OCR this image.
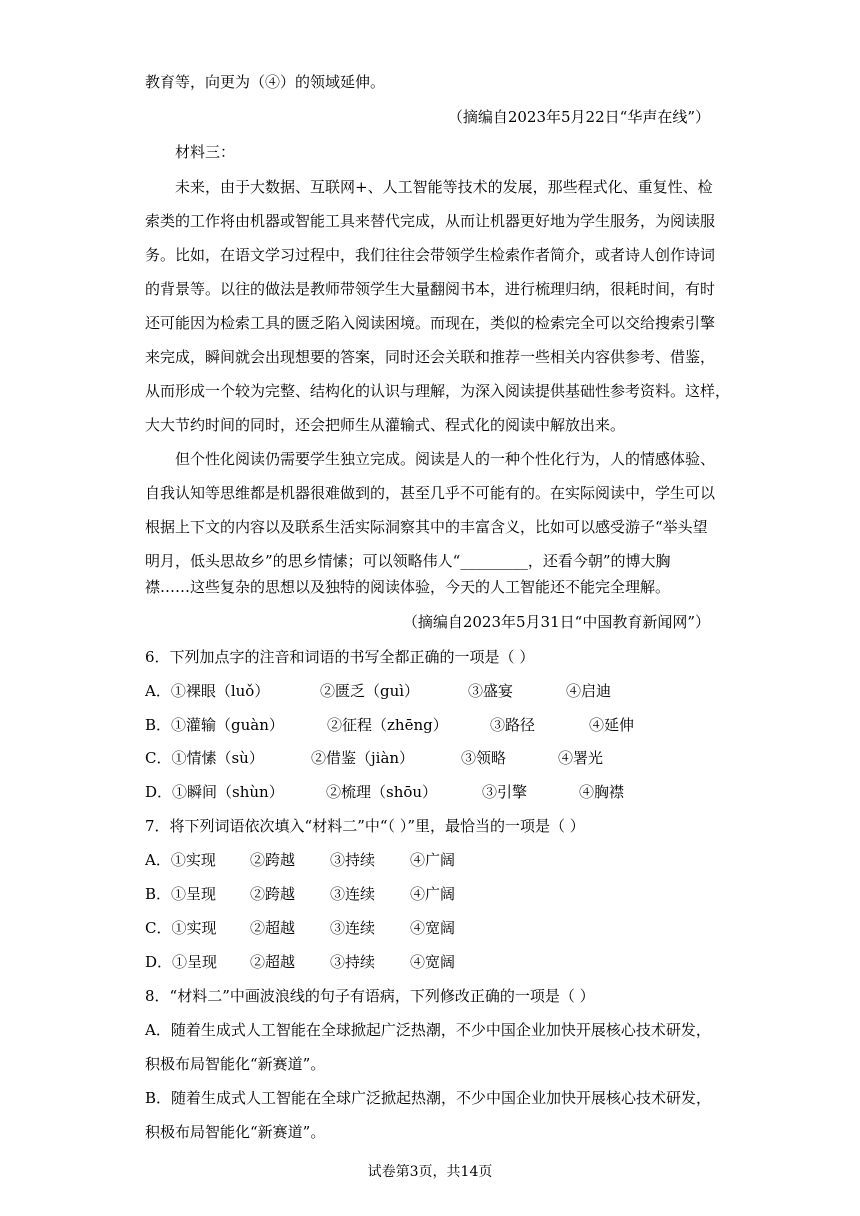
教育等，向更为（④）的领域延伸。
（摘编自2023年5月22日“华声在线”）
材料三：
未来，由于大数据、互联网+、人工智能等技术的发展，那些程式化、重复性、检
索类的工作将由机器或智能工具来替代完成，从而让机器更好地为学生服务，为阅读服
务。比如，在语文学习过程中，我们往往会带领学生检索作者简介，或者诗人创作诗词
的背景等。以往的做法是教师带领学生大量翻阅书本，进行梳理归纳，很耗时间，有时
还可能因为检索工具的匮乏陷入阅读困境。而现在，类似的检索完全可以交给搜索引擎
来完成，瞬间就会出现想要的答案，同时还会关联和推荐一些相关内容供参考、借鉴，
从而形成一个较为完整、结构化的认识与理解，为深入阅读提供基础性参考资料。这样，
大大节约时间的同时，还会把师生从灌输式、程式化的阅读中解放出来。
但个性化阅读仍需要学生独立完成。阅读是人的一种个性化行为，人的情感体验、
自我认知等思维都是机器很难做到的，甚至几乎不可能有的。在实际阅读中，学生可以
根据上下文的内容以及联系生活实际洞察其中的丰富含义，比如可以感受游子“举头望
明月，低头思故乡”的思乡情愫；可以领略伟人“_________，还看今朝”的博大胸
襟……这些复杂的思想以及独特的阅读体验，今天的人工智能还不能完全理解。
（摘编自2023年5月31日“中国教育新闻网”）
6．下列加点字的注音和词语的书写全都正确的一项是（ ）
A．①裸眼（luǒ）	②匮乏（guì）	③盛宴	④启迪
B．①灌输（guàn）	②征程（zhēng）	③路径	④延伸
C．①情愫（sù）	②借鉴（jiàn）	③领略	④署光
D．①瞬间（shùn）	②梳理（shōu）	③引擎	④胸襟
7．将下列词语依次填入“材料二”中“（ ）”里，最恰当的一项是（ ）
A．①实现 ②跨越 ③持续 ④广阔
B．①呈现 ②跨越 ③连续 ④广阔
C．①实现 ②超越 ③连续 ④宽阔
D．①呈现 ②超越 ③持续 ④宽阔
8．“材料二”中画波浪线的句子有语病，下列修改正确的一项是（ ）
A．随着生成式人工智能在全球掀起广泛热潮，不少中国企业加快开展核心技术研发，
积极布局智能化“新赛道”。
B．随着生成式人工智能在全球广泛掀起热潮，不少中国企业加快开展核心技术研发，
积极布局智能化“新赛道”。
试卷第3页，共14页
